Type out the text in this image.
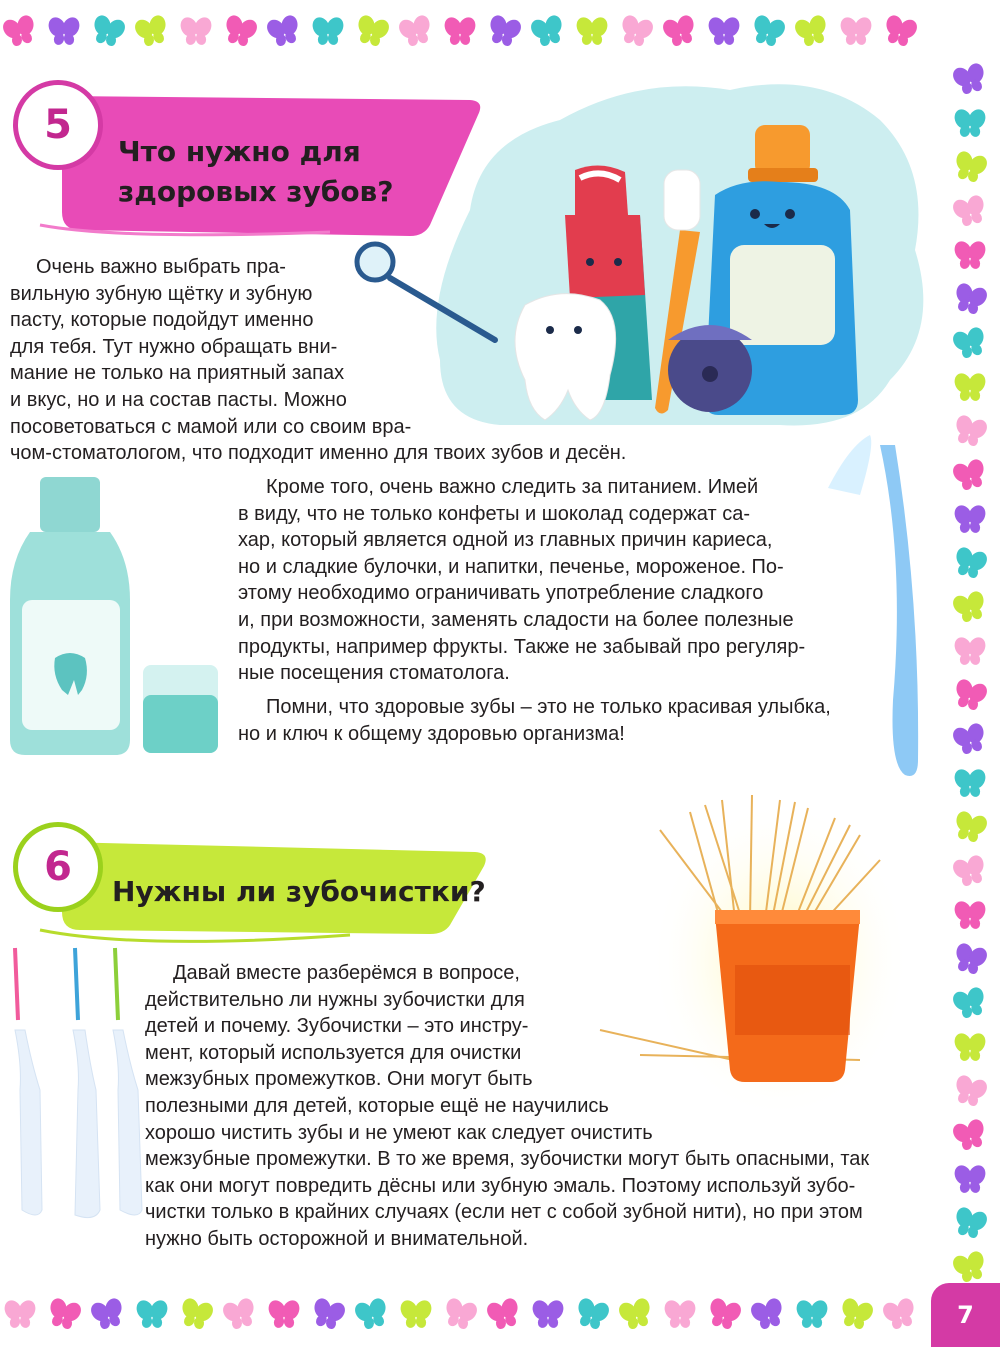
5
Что нужно для
здоровых зубов?

Очень важно выбрать пра-
вильную зубную щётку и зубную
пасту, которые подойдут именно
для тебя. Тут нужно обращать вни-
мание не только на приятный запах
и вкус, но и на состав пасты. Можно
посоветоваться с мамой или со своим вра-
чом-стоматологом, что подходит именно для твоих зубов и десён.

Кроме того, очень важно следить за питанием. Имей
в виду, что не только конфеты и шоколад содержат са-
хар, который является одной из главных причин кариеса,
но и сладкие булочки, и напитки, печенье, мороженое. По-
этому необходимо ограничивать употребление сладкого
и, при возможности, заменять сладости на более полезные
продукты, например фрукты. Также не забывай про регуляр-
ные посещения стоматолога.

Помни, что здоровые зубы – это не только красивая улыбка,
но и ключ к общему здоровью организма!

6
Нужны ли зубочистки?

Давай вместе разберёмся в вопросе,
действительно ли нужны зубочистки для
детей и почему. Зубочистки – это инстру-
мент, который используется для очистки
межзубных промежутков. Они могут быть
полезными для детей, которые ещё не научились
хорошо чистить зубы и не умеют как следует очистить
межзубные промежутки. В то же время, зубочистки могут быть опасными, так
как они могут повредить дёсны или зубную эмаль. Поэтому используй зубо-
чистки только в крайних случаях (если нет с собой зубной нити), но при этом
нужно быть осторожной и внимательной.

7
